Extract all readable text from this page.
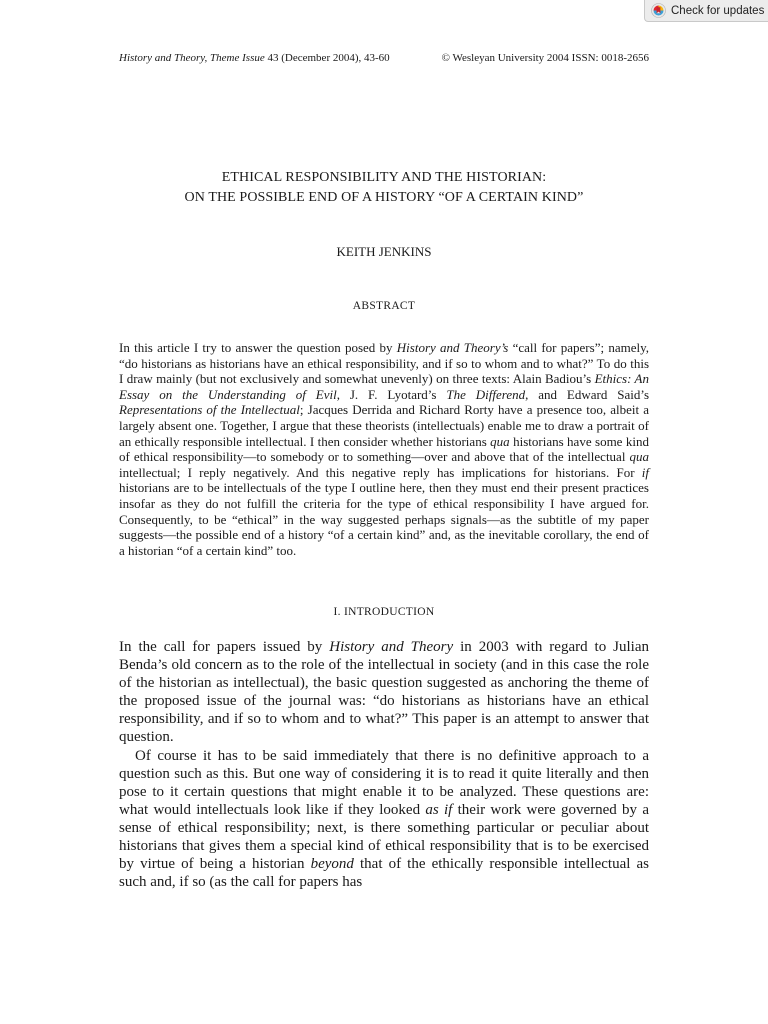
Check for updates
History and Theory, Theme Issue 43 (December 2004), 43-60	© Wesleyan University 2004 ISSN: 0018-2656
ETHICAL RESPONSIBILITY AND THE HISTORIAN:
ON THE POSSIBLE END OF A HISTORY “OF A CERTAIN KIND”
KEITH JENKINS
ABSTRACT

In this article I try to answer the question posed by History and Theory’s “call for papers”; namely, “do historians as historians have an ethical responsibility, and if so to whom and to what?” To do this I draw mainly (but not exclusively and somewhat unevenly) on three texts: Alain Badiou’s Ethics: An Essay on the Understanding of Evil, J. F. Lyotard’s The Differend, and Edward Said’s Representations of the Intellectual; Jacques Derrida and Richard Rorty have a presence too, albeit a largely absent one. Together, I argue that these theorists (intellectuals) enable me to draw a portrait of an ethically responsible intellectual. I then consider whether historians qua historians have some kind of ethical responsibility—to somebody or to something—over and above that of the intellectual qua intellectual; I reply negatively. And this negative reply has implications for historians. For if historians are to be intellectuals of the type I outline here, then they must end their present practices insofar as they do not fulfill the criteria for the type of ethical responsibility I have argued for. Consequently, to be “ethical” in the way suggested perhaps signals—as the subtitle of my paper suggests—the possible end of a history “of a certain kind” and, as the inevitable corollary, the end of a historian “of a certain kind” too.

I. INTRODUCTION

In the call for papers issued by History and Theory in 2003 with regard to Julian Benda’s old concern as to the role of the intellectual in society (and in this case the role of the historian as intellectual), the basic question suggested as anchoring the theme of the proposed issue of the journal was: “do historians as historians have an ethical responsibility, and if so to whom and to what?” This paper is an attempt to answer that question.

Of course it has to be said immediately that there is no definitive approach to a question such as this. But one way of considering it is to read it quite literally and then pose to it certain questions that might enable it to be analyzed. These questions are: what would intellectuals look like if they looked as if their work were governed by a sense of ethical responsibility; next, is there something particular or peculiar about historians that gives them a special kind of ethical responsibility that is to be exercised by virtue of being a historian beyond that of the ethically responsible intellectual as such and, if so (as the call for papers has
